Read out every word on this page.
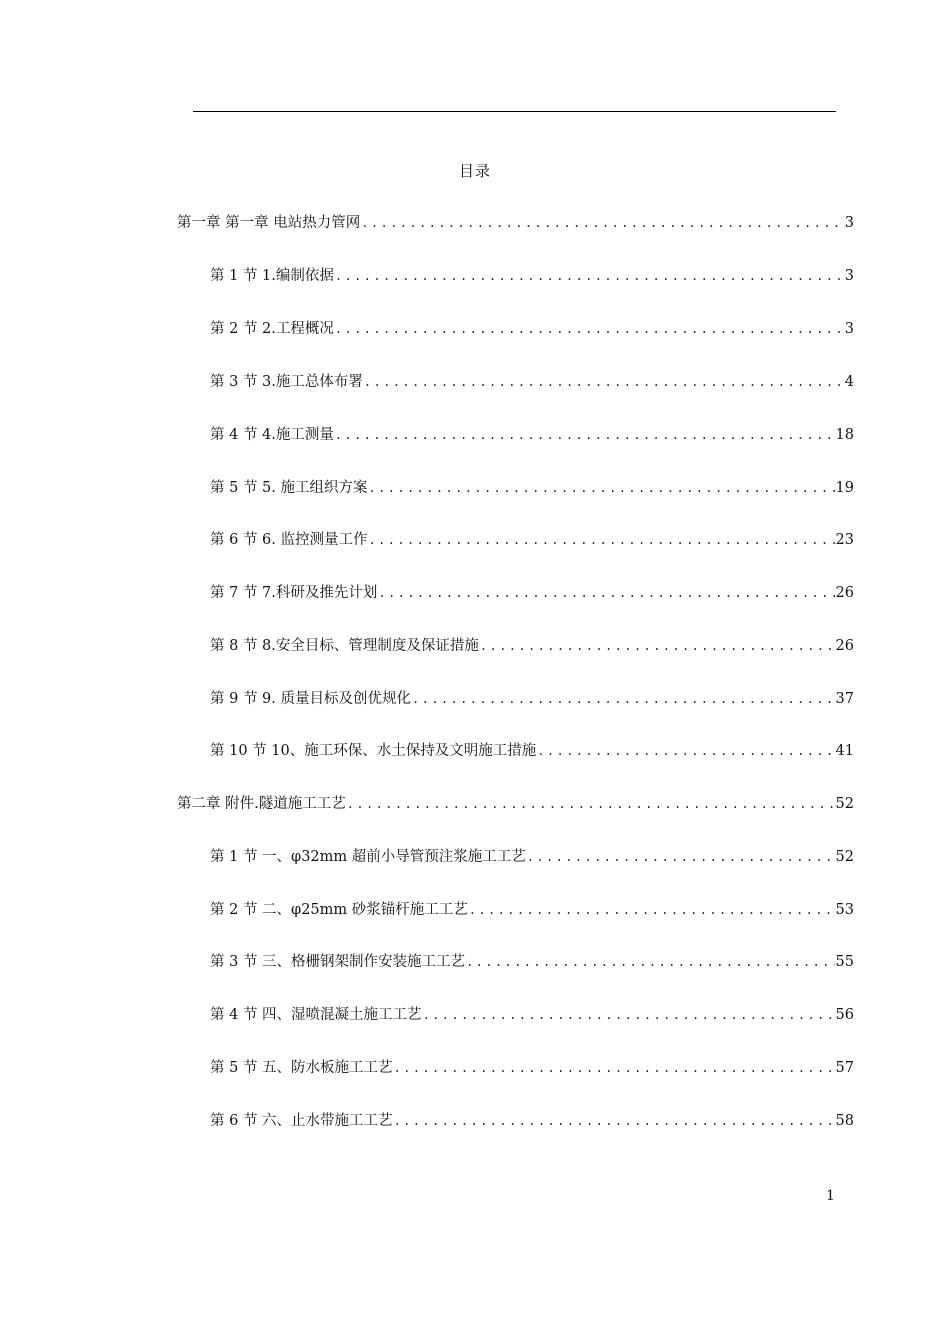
目录
第一章 第一章 电站热力管网 .....	3
第 1 节 1.编制依据 .....	3
第 2 节 2.工程概况 .....	3
第 3 节 3.施工总体布署 .....	4
第 4 节 4.施工测量 .....	18
第 5 节 5. 施工组织方案 .....	19
第 6 节 6. 监控测量工作 .....	23
第 7 节 7.科研及推先计划 .....	26
第 8 节 8.安全目标、管理制度及保证措施 .....	26
第 9 节 9. 质量目标及创优规化 .....	37
第 10 节 10、施工环保、水土保持及文明施工措施 .....	41
第二章 附件.隧道施工工艺 .....	52
第 1 节 一、φ32mm 超前小导管预注浆施工工艺 .....	52
第 2 节 二、φ25mm 砂浆锚杆施工工艺 .....	53
第 3 节 三、格栅钢架制作安装施工工艺 .....	55
第 4 节 四、湿喷混凝土施工工艺 .....	56
第 5 节 五、防水板施工工艺 .....	57
第 6 节 六、止水带施工工艺 .....	58
1
